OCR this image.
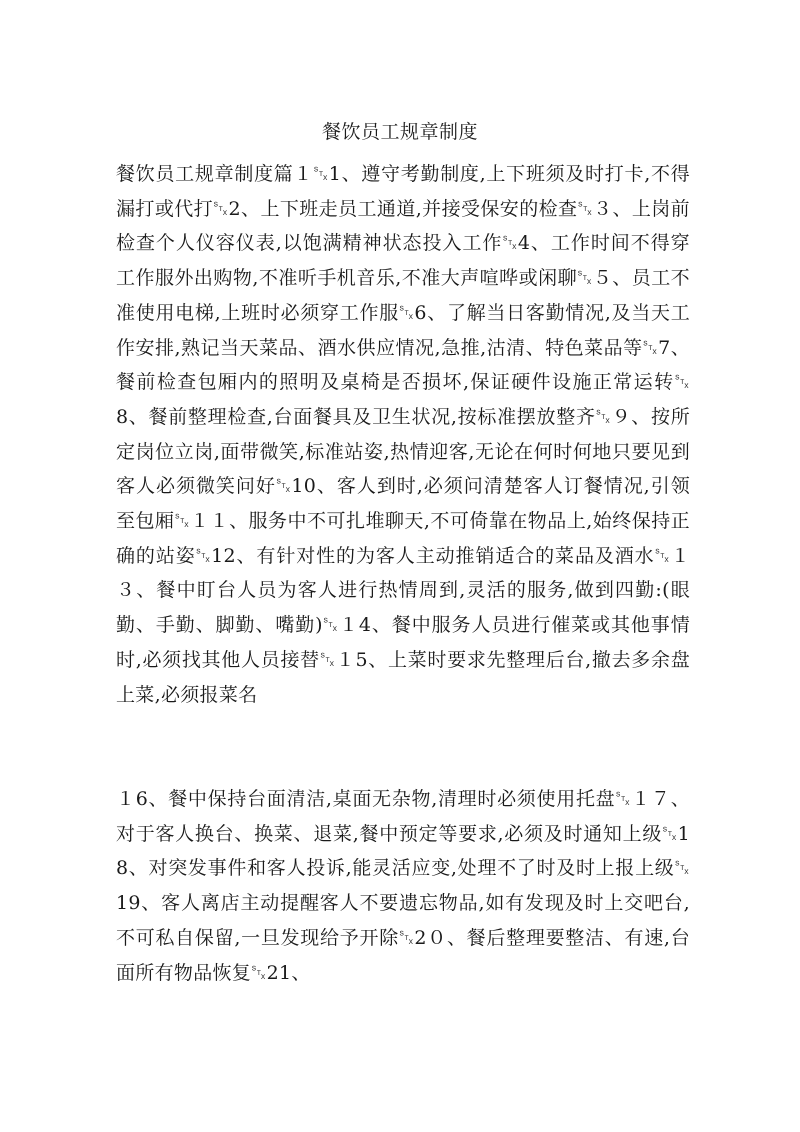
餐饮员工规章制度
餐饮员工规章制度篇１␂1、遵守考勤制度,上下班须及时打卡,不得漏打或代打␂2、上下班走员工通道,并接受保安的检查␂３、上岗前检查个人仪容仪表,以饱满精神状态投入工作␂4、工作时间不得穿工作服外出购物,不准听手机音乐,不准大声喧哗或闲聊␂５、员工不准使用电梯,上班时必须穿工作服␂6、了解当日客勤情况,及当天工作安排,熟记当天菜品、酒水供应情况,急推,沽清、特色菜品等␂7、餐前检查包厢内的照明及桌椅是否损坏,保证硬件设施正常运转␂8、餐前整理检查,台面餐具及卫生状况,按标准摆放整齐␂９、按所定岗位立岗,面带微笑,标准站姿,热情迎客,无论在何时何地只要见到客人必须微笑问好␂10、客人到时,必须问清楚客人订餐情况,引领至包厢␂１１、服务中不可扎堆聊天,不可倚靠在物品上,始终保持正确的站姿␂12、有针对性的为客人主动推销适合的菜品及酒水␂１３、餐中盯台人员为客人进行热情周到,灵活的服务,做到四勤:(眼勤、手勤、脚勤、嘴勤)␂１4、餐中服务人员进行催菜或其他事情时,必须找其他人员接替␂１5、上菜时要求先整理后台,撤去多余盘上菜,必须报菜名
１6、餐中保持台面清洁,桌面无杂物,清理时必须使用托盘␂１７、对于客人换台、换菜、退菜,餐中预定等要求,必须及时通知上级␂18、对突发事件和客人投诉,能灵活应变,处理不了时及时上报上级␂19、客人离店主动提醒客人不要遗忘物品,如有发现及时上交吧台,不可私自保留,一旦发现给予开除␂2０、餐后整理要整洁、有速,台面所有物品恢复␂21、
